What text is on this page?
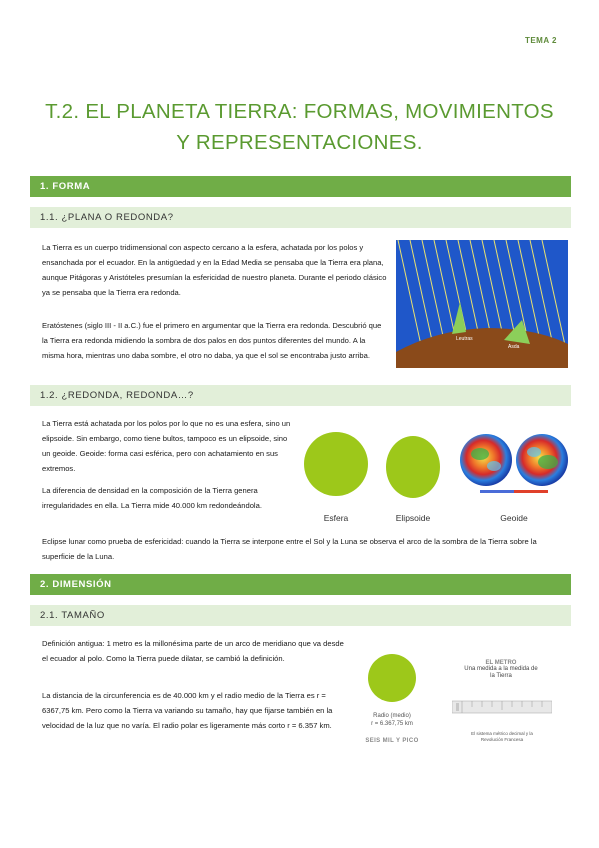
TEMA 2
T.2. EL PLANETA TIERRA: FORMAS, MOVIMIENTOS
Y REPRESENTACIONES.
1. FORMA
1.1. ¿PLANA O REDONDA?

La Tierra es un cuerpo tridimensional con aspecto cercano a la esfera, achatada por los polos y ensanchada por el ecuador. En la antigüedad y en la Edad Media se pensaba que la Tierra era plana, aunque Pitágoras y Aristóteles presumían la esfericidad de nuestro planeta. Durante el periodo clásico ya se pensaba que la Tierra era redonda.

Eratóstenes (siglo III - II a.C.) fue el primero en argumentar que la Tierra era redonda. Descubrió que la Tierra era redonda midiendo la sombra de dos palos en dos puntos diferentes del mundo. A la misma hora, mientras uno daba sombre, el otro no daba, ya que el sol se encontraba justo arriba.

Leutras
Asda
1.2. ¿REDONDA, REDONDA…?

La Tierra está achatada por los polos por lo que no es una esfera, sino un elipsoide. Sin embargo, como tiene bultos, tampoco es un elipsoide, sino un geoide. Geoide: forma casi esférica, pero con achatamiento en sus extremos.

La diferencia de densidad en la composición de la Tierra genera irregularidades en ella. La Tierra mide 40.000 km redondeándola.

Esfera	Elipsoide	Geoide

Eclipse lunar como prueba de esfericidad: cuando la Tierra se interpone entre el Sol y la Luna se observa el arco de la sombra de la Tierra sobre la superficie de la Luna.

2. DIMENSIÓN
2.1. TAMAÑO

Definición antigua: 1 metro es la millonésima parte de un arco de meridiano que va desde el ecuador al polo. Como la Tierra puede dilatar, se cambió la definición.

La distancia de la circunferencia es de 40.000 km y el radio medio de la Tierra es r = 6367,75 km. Pero como la Tierra va variando su tamaño, hay que fijarse también en la velocidad de la luz que no varía. El radio polar es ligeramente más corto r = 6.357 km.

Radio (medio)
r = 6.367,75 km
SEIS MIL Y PICO
EL METRO
Una medida a la medida de
la Tierra
El sistema métrico decimal y la
Revolución Francesa
